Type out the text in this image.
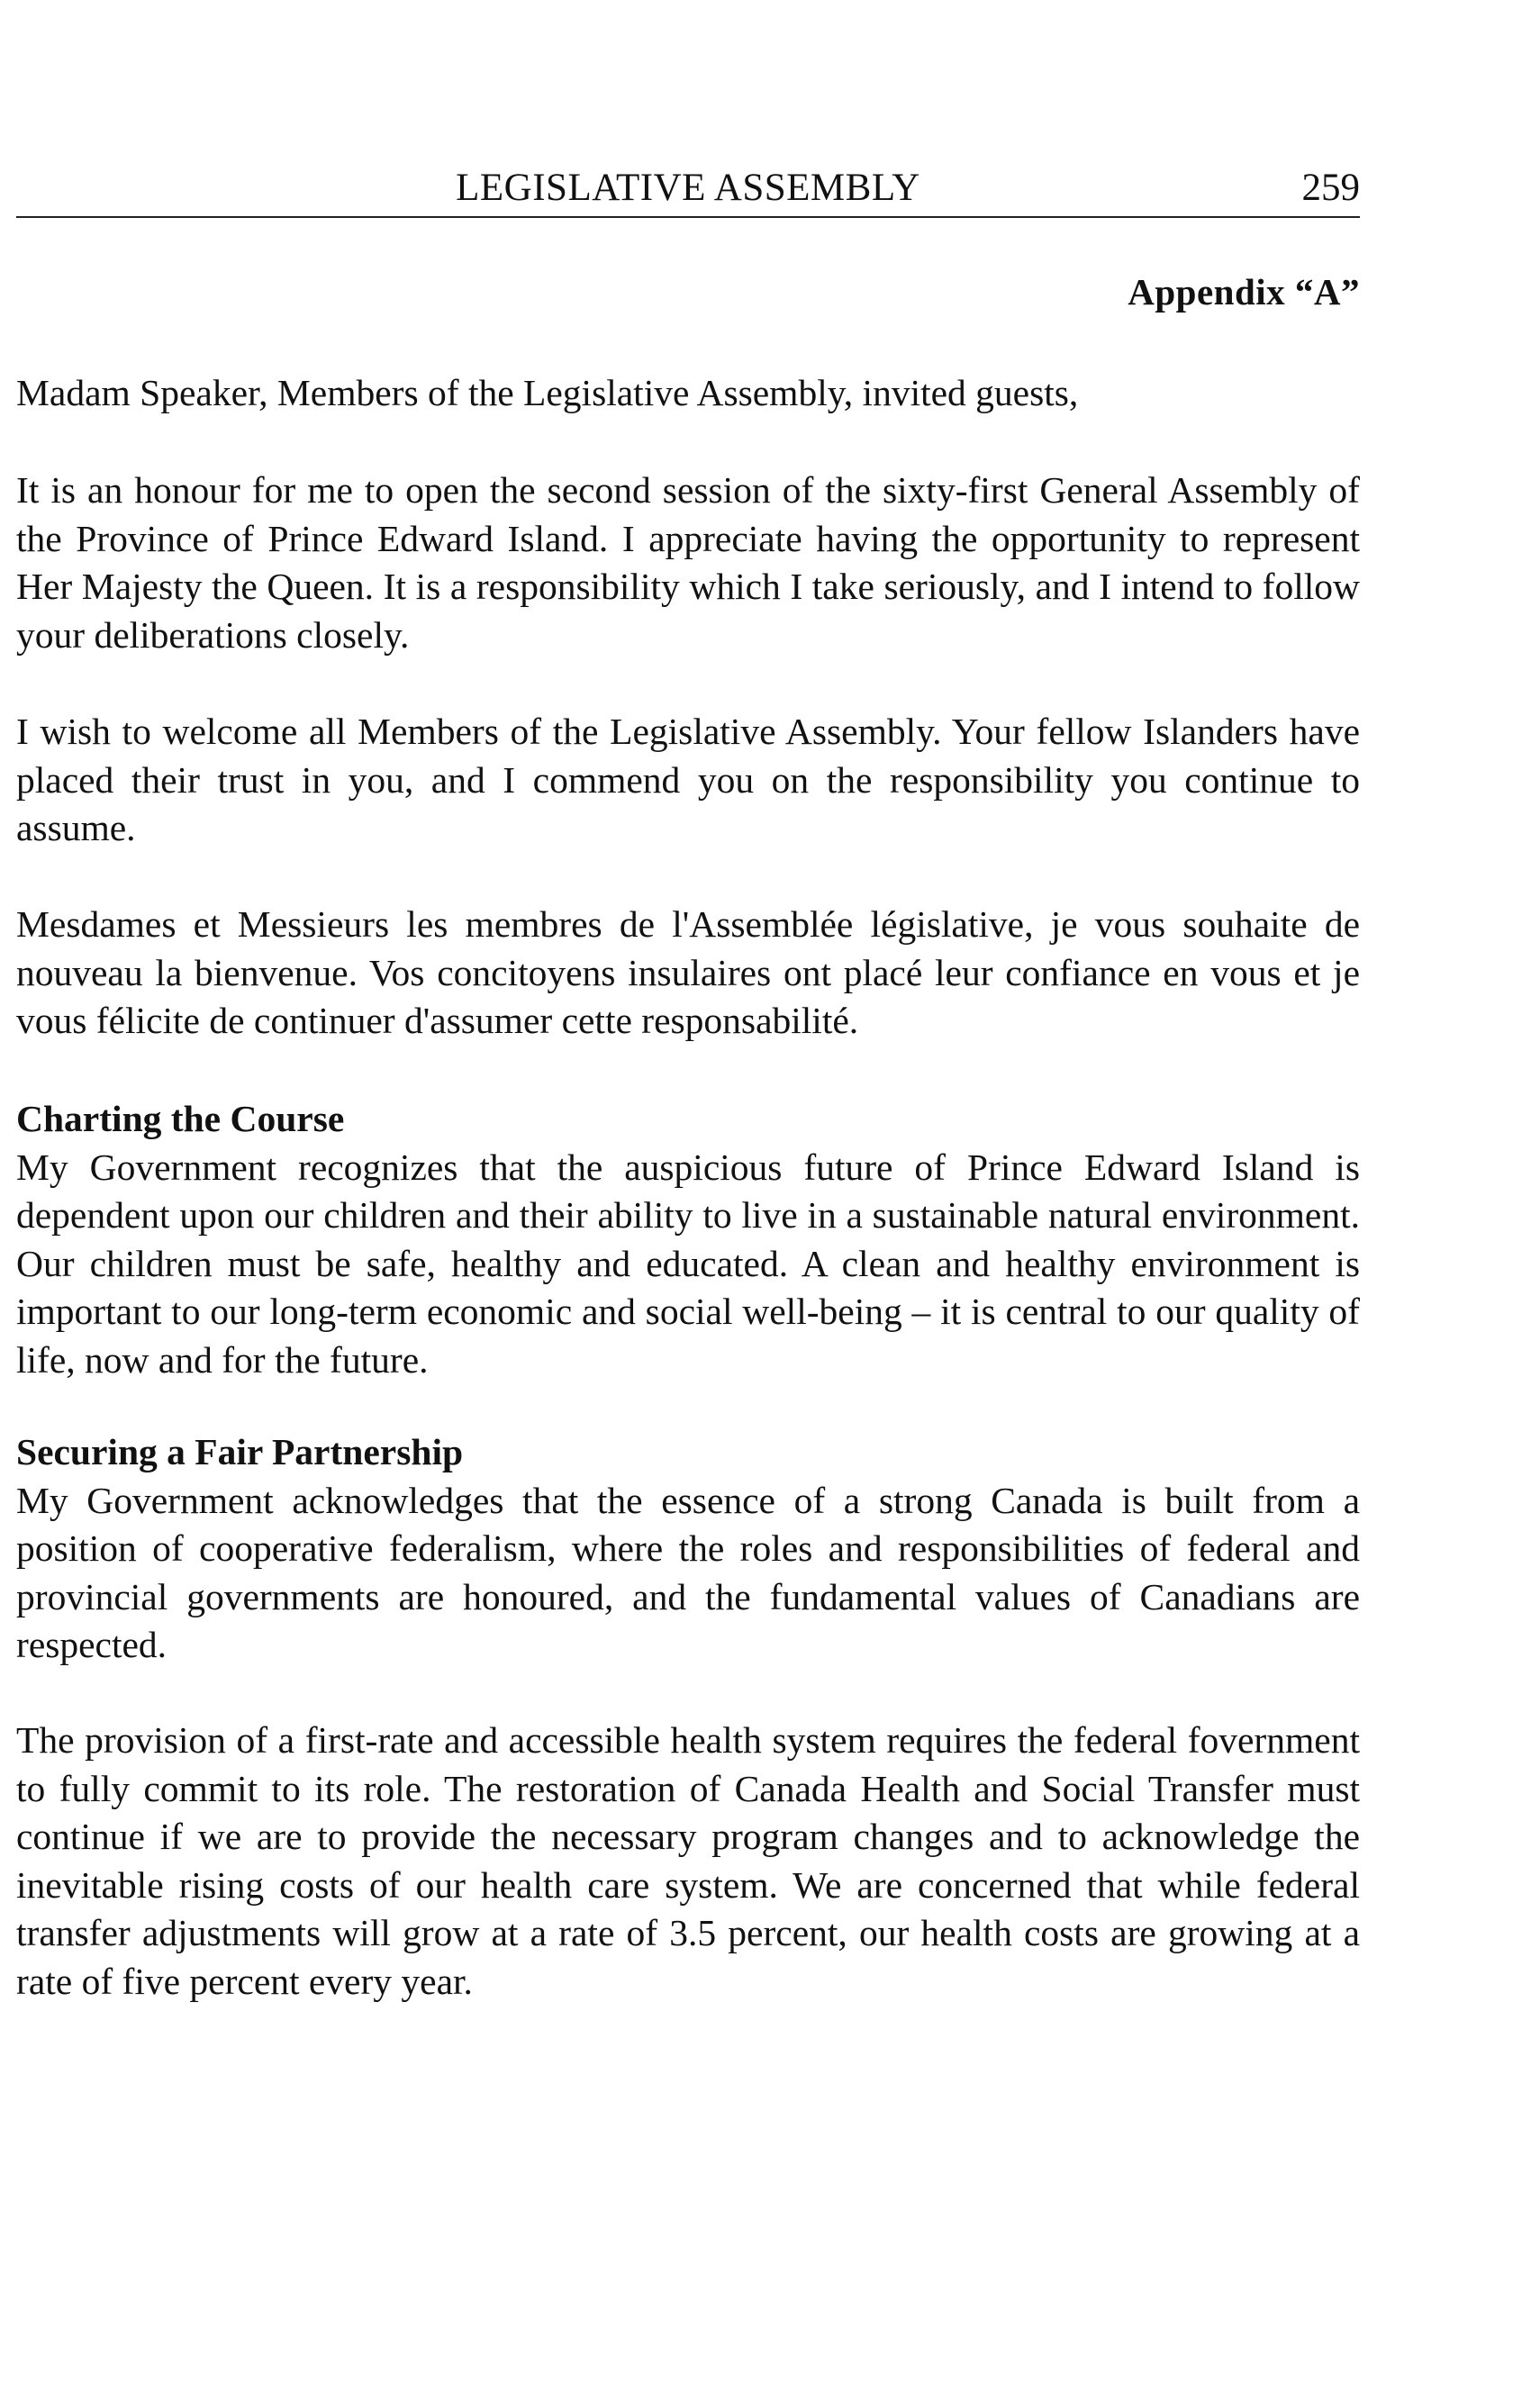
LEGISLATIVE ASSEMBLY	259
Appendix “A”

Madam Speaker, Members of the Legislative Assembly, invited guests,

It is an honour for me to open the second session of the sixty-first General Assembly of the Province of Prince Edward Island. I appreciate having the opportunity to represent Her Majesty the Queen. It is a responsibility which I take seriously, and I intend to follow your deliberations closely.

I wish to welcome all Members of the Legislative Assembly. Your fellow Islanders have placed their trust in you, and I commend you on the responsibility you continue to assume.

Mesdames et Messieurs les membres de l'Assemblée législative, je vous souhaite de nouveau la bienvenue. Vos concitoyens insulaires ont placé leur confiance en vous et je vous félicite de continuer d'assumer cette responsabilité.

Charting the Course
My Government recognizes that the auspicious future of Prince Edward Island is dependent upon our children and their ability to live in a sustainable natural environment. Our children must be safe, healthy and educated. A clean and healthy environment is important to our long-term economic and social well-being – it is central to our quality of life, now and for the future.
Securing a Fair Partnership
My Government acknowledges that the essence of a strong Canada is built from a position of cooperative federalism, where the roles and responsibilities of federal and provincial governments are honoured, and the fundamental values of Canadians are respected.

The provision of a first-rate and accessible health system requires the federal fovernment to fully commit to its role. The restoration of Canada Health and Social Transfer must continue if we are to provide the necessary program changes and to acknowledge the inevitable rising costs of our health care system. We are concerned that while federal transfer adjustments will grow at a rate of 3.5 percent, our health costs are growing at a rate of five percent every year.
